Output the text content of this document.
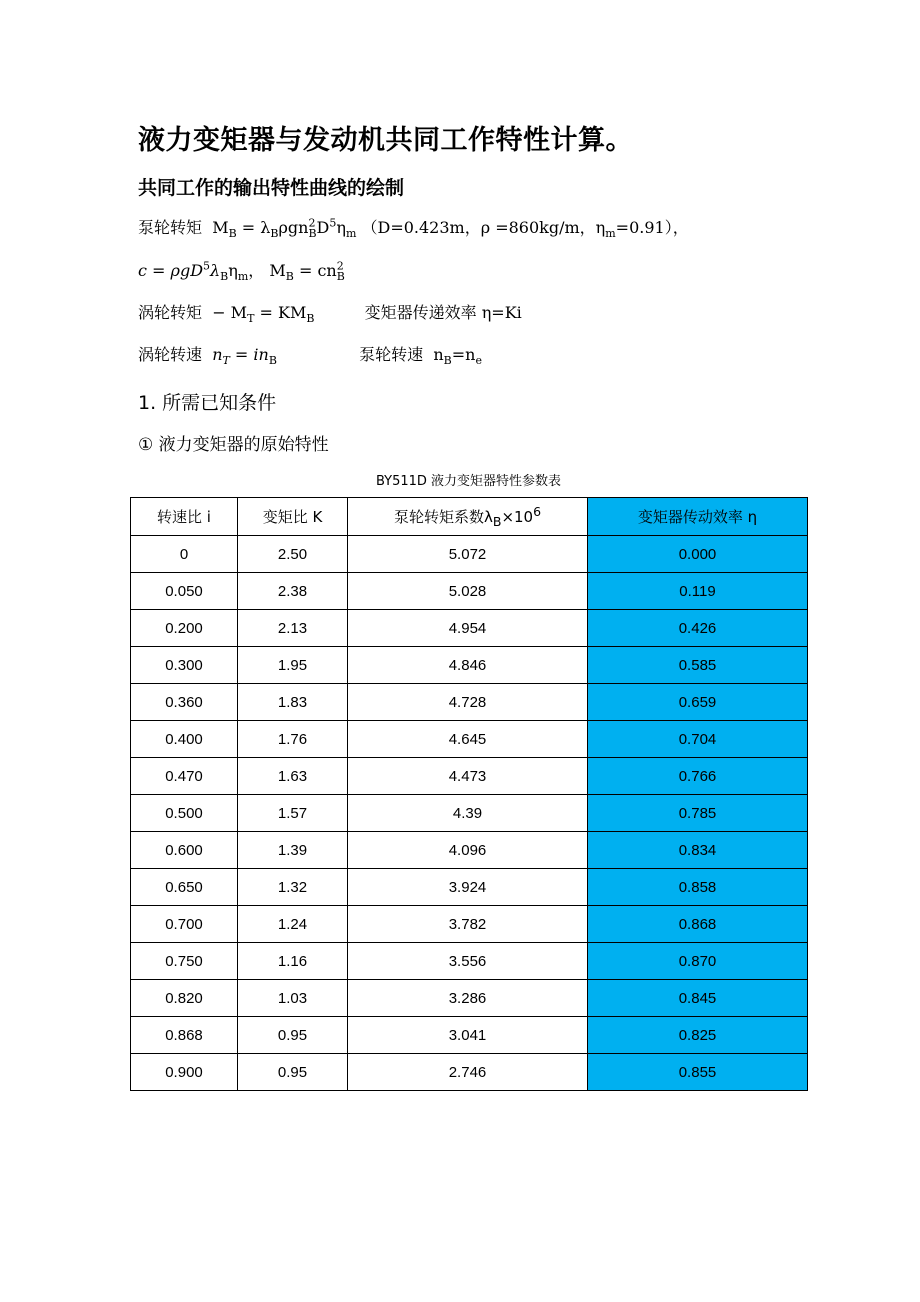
液力变矩器与发动机共同工作特性计算。
共同工作的输出特性曲线的绘制
泵轮转矩  $M_B = \lambda_B\rho gn^2_BD^5\eta_m$ （D=0.423m，ρ =860kg/m，$\eta_m=0.91$），
$c = \rho gD^5\lambda_B\eta_m$， $M_B = cn^2_B$
涡轮转矩  − $M_T = KM_B$	变矩器传递效率 η=Ki
涡轮转速 $n_T = in_B$	泵轮转速  $n_B=n_e$
1. 所需已知条件
① 液力变矩器的原始特性
BY511D 液力变矩器特性参数表
转速比 i	变矩比 K	泵轮转矩系数$\lambda_B\times 10^6$	变矩器传动效率 η
0	2.50	5.072	0.000
0.050	2.38	5.028	0.119
0.200	2.13	4.954	0.426
0.300	1.95	4.846	0.585
0.360	1.83	4.728	0.659
0.400	1.76	4.645	0.704
0.470	1.63	4.473	0.766
0.500	1.57	4.39	0.785
0.600	1.39	4.096	0.834
0.650	1.32	3.924	0.858
0.700	1.24	3.782	0.868
0.750	1.16	3.556	0.870
0.820	1.03	3.286	0.845
0.868	0.95	3.041	0.825
0.900	0.95	2.746	0.855
